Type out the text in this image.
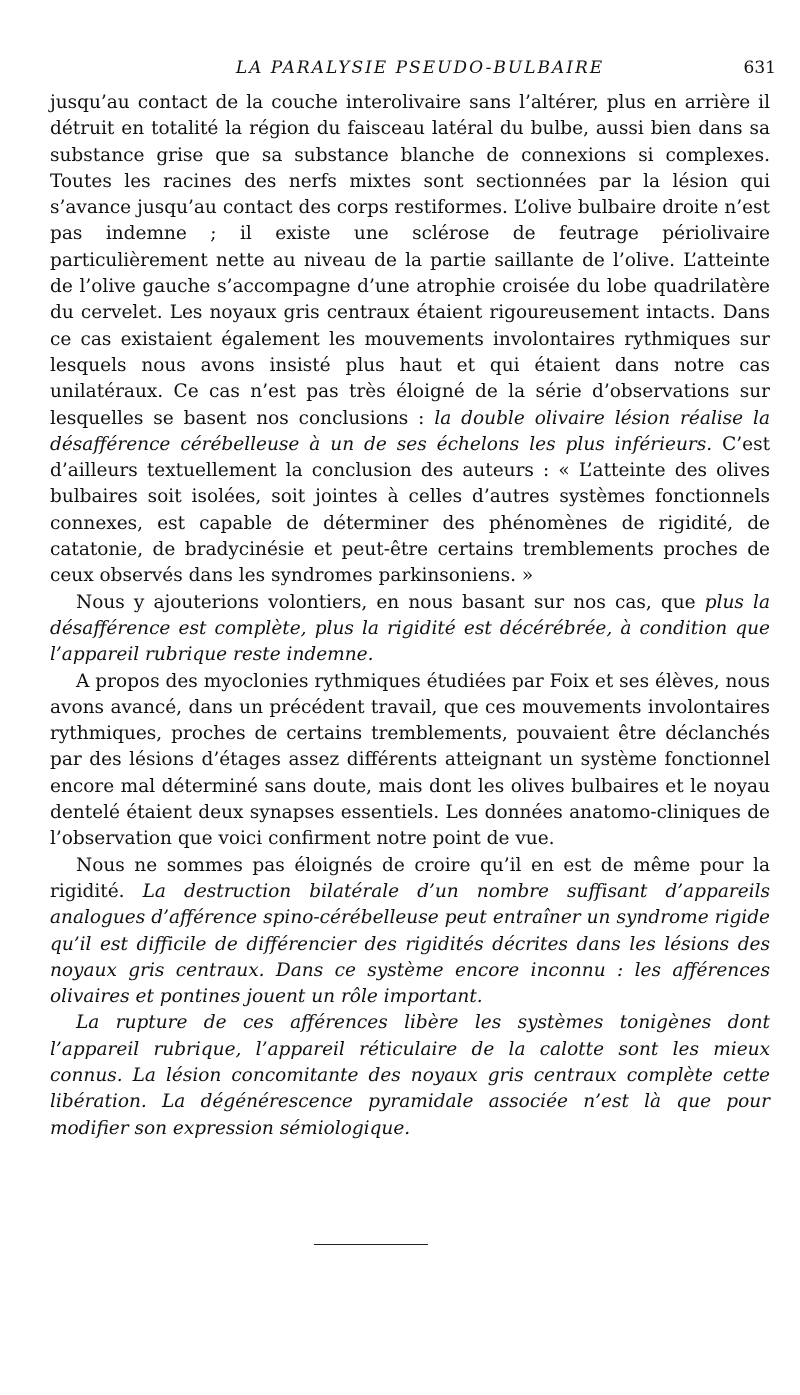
LA PARALYSIE PSEUDO-BULBAIRE	631

jusqu’au contact de la couche interolivaire sans l’altérer, plus en arrière il détruit en totalité la région du faisceau latéral du bulbe, aussi bien dans sa substance grise que sa substance blanche de connexions si complexes. Toutes les racines des nerfs mixtes sont sectionnées par la lésion qui s’avance jusqu’au contact des corps restiformes. L’olive bulbaire droite n’est pas indemne ; il existe une sclérose de feutrage périolivaire particulièrement nette au niveau de la partie saillante de l’olive. L’atteinte de l’olive gauche s’accompagne d’une atrophie croisée du lobe quadrilatère du cervelet. Les noyaux gris centraux étaient rigoureusement intacts. Dans ce cas existaient également les mouvements involontaires rythmiques sur lesquels nous avons insisté plus haut et qui étaient dans notre cas unilatéraux. Ce cas n’est pas très éloigné de la série d’observations sur lesquelles se basent nos conclusions : la double olivaire lésion réalise la désafférence cérébelleuse à un de ses échelons les plus inférieurs. C’est d’ailleurs textuellement la conclusion des auteurs : « L’atteinte des olives bulbaires soit isolées, soit jointes à celles d’autres systèmes fonctionnels connexes, est capable de déterminer des phénomènes de rigidité, de catatonie, de bradycinésie et peut-être certains tremblements proches de ceux observés dans les syndromes parkinsoniens. »

Nous y ajouterions volontiers, en nous basant sur nos cas, que plus la désafférence est complète, plus la rigidité est décérébrée, à condition que l’appareil rubrique reste indemne.

A propos des myoclonies rythmiques étudiées par Foix et ses élèves, nous avons avancé, dans un précédent travail, que ces mouvements involontaires rythmiques, proches de certains tremblements, pouvaient être déclanchés par des lésions d’étages assez différents atteignant un système fonctionnel encore mal déterminé sans doute, mais dont les olives bulbaires et le noyau dentelé étaient deux synapses essentiels. Les données anatomo-cliniques de l’observation que voici confirment notre point de vue.

Nous ne sommes pas éloignés de croire qu’il en est de même pour la rigidité. La destruction bilatérale d’un nombre suffisant d’appareils analogues d’afférence spino-cérébelleuse peut entraîner un syndrome rigide qu’il est difficile de différencier des rigidités décrites dans les lésions des noyaux gris centraux. Dans ce système encore inconnu : les afférences olivaires et pontines jouent un rôle important.

La rupture de ces afférences libère les systèmes tonigènes dont l’appareil rubrique, l’appareil réticulaire de la calotte sont les mieux connus. La lésion concomitante des noyaux gris centraux complète cette libération. La dégénérescence pyramidale associée n’est là que pour modifier son expression sémiologique.
